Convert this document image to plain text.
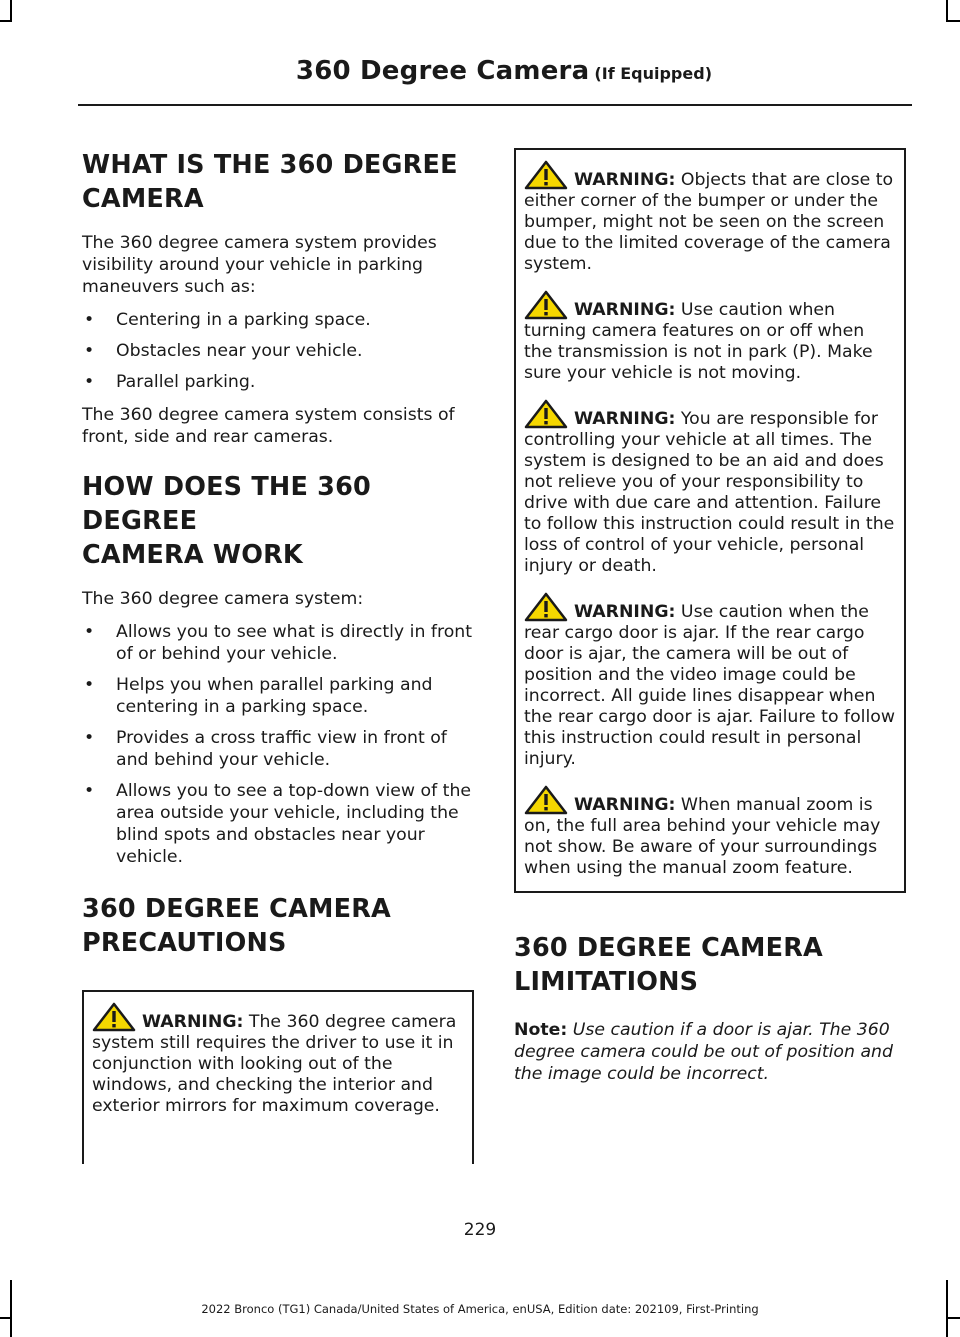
360 Degree Camera (If Equipped)
WHAT IS THE 360 DEGREE
CAMERA

The 360 degree camera system provides visibility around your vehicle in parking maneuvers such as:

• Centering in a parking space.
• Obstacles near your vehicle.
• Parallel parking.

The 360 degree camera system consists of front, side and rear cameras.

HOW DOES THE 360 DEGREE
CAMERA WORK

The 360 degree camera system:

• Allows you to see what is directly in front of or behind your vehicle.
• Helps you when parallel parking and centering in a parking space.
• Provides a cross traffic view in front of and behind your vehicle.
• Allows you to see a top-down view of the area outside your vehicle, including the blind spots and obstacles near your vehicle.
360 DEGREE CAMERA
PRECAUTIONS

WARNING: The 360 degree camera system still requires the driver to use it in conjunction with looking out of the windows, and checking the interior and exterior mirrors for maximum coverage.

WARNING: Objects that are close to either corner of the bumper or under the bumper, might not be seen on the screen due to the limited coverage of the camera system.

WARNING: Use caution when turning camera features on or off when the transmission is not in park (P). Make sure your vehicle is not moving.

WARNING: You are responsible for controlling your vehicle at all times. The system is designed to be an aid and does not relieve you of your responsibility to drive with due care and attention. Failure to follow this instruction could result in the loss of control of your vehicle, personal injury or death.

WARNING: Use caution when the rear cargo door is ajar. If the rear cargo door is ajar, the camera will be out of position and the video image could be incorrect. All guide lines disappear when the rear cargo door is ajar. Failure to follow this instruction could result in personal injury.

WARNING: When manual zoom is on, the full area behind your vehicle may not show. Be aware of your surroundings when using the manual zoom feature.

360 DEGREE CAMERA
LIMITATIONS

Note: Use caution if a door is ajar. The 360 degree camera could be out of position and the image could be incorrect.

229
2022 Bronco (TG1) Canada/United States of America, enUSA, Edition date: 202109, First-Printing
